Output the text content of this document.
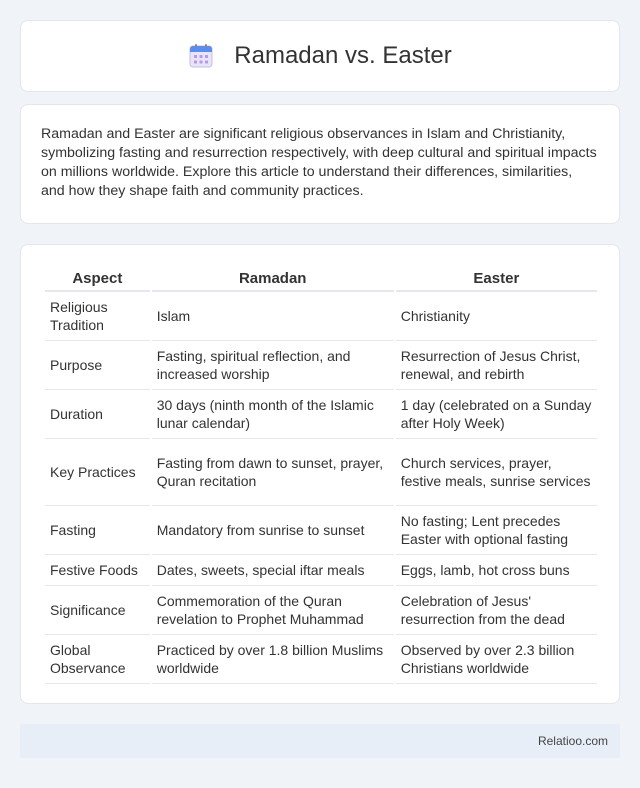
Ramadan vs. Easter

Ramadan and Easter are significant religious observances in Islam and Christianity, symbolizing fasting and resurrection respectively, with deep cultural and spiritual impacts on millions worldwide. Explore this article to understand their differences, similarities, and how they shape faith and community practices.

Aspect	Ramadan	Easter
Religious Tradition	Islam	Christianity
Purpose	Fasting, spiritual reflection, and increased worship	Resurrection of Jesus Christ, renewal, and rebirth
Duration	30 days (ninth month of the Islamic lunar calendar)	1 day (celebrated on a Sunday after Holy Week)
Key Practices	Fasting from dawn to sunset, prayer, Quran recitation	Church services, prayer, festive meals, sunrise services
Fasting	Mandatory from sunrise to sunset	No fasting; Lent precedes Easter with optional fasting
Festive Foods	Dates, sweets, special iftar meals	Eggs, lamb, hot cross buns
Significance	Commemoration of the Quran revelation to Prophet Muhammad	Celebration of Jesus' resurrection from the dead
Global Observance	Practiced by over 1.8 billion Muslims worldwide	Observed by over 2.3 billion Christians worldwide
Relatioo.com
